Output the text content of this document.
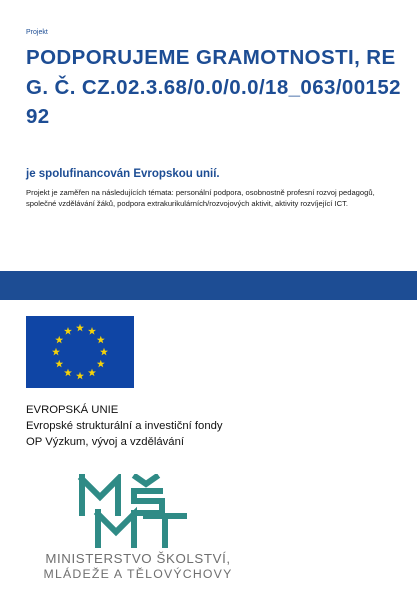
Projekt
PODPORUJEME GRAMOTNOSTI, REG. Č. CZ.02.3.68/0.0/0.0/18_063/0015292
je spolufinancován Evropskou unií.
Projekt je zaměřen na následujících témata: personální podpora, osobnostně profesní rozvoj pedagogů, společné vzdělávání žáků, podpora extrakurikulárních/rozvojových aktivit, aktivity rozvíjející ICT.
EVROPSKÁ UNIE
Evropské strukturální a investiční fondy
OP Výzkum, vývoj a vzdělávání
MINISTERSTVO ŠKOLSTVÍ,
MLÁDEŽE A TĚLOVÝCHOVY
